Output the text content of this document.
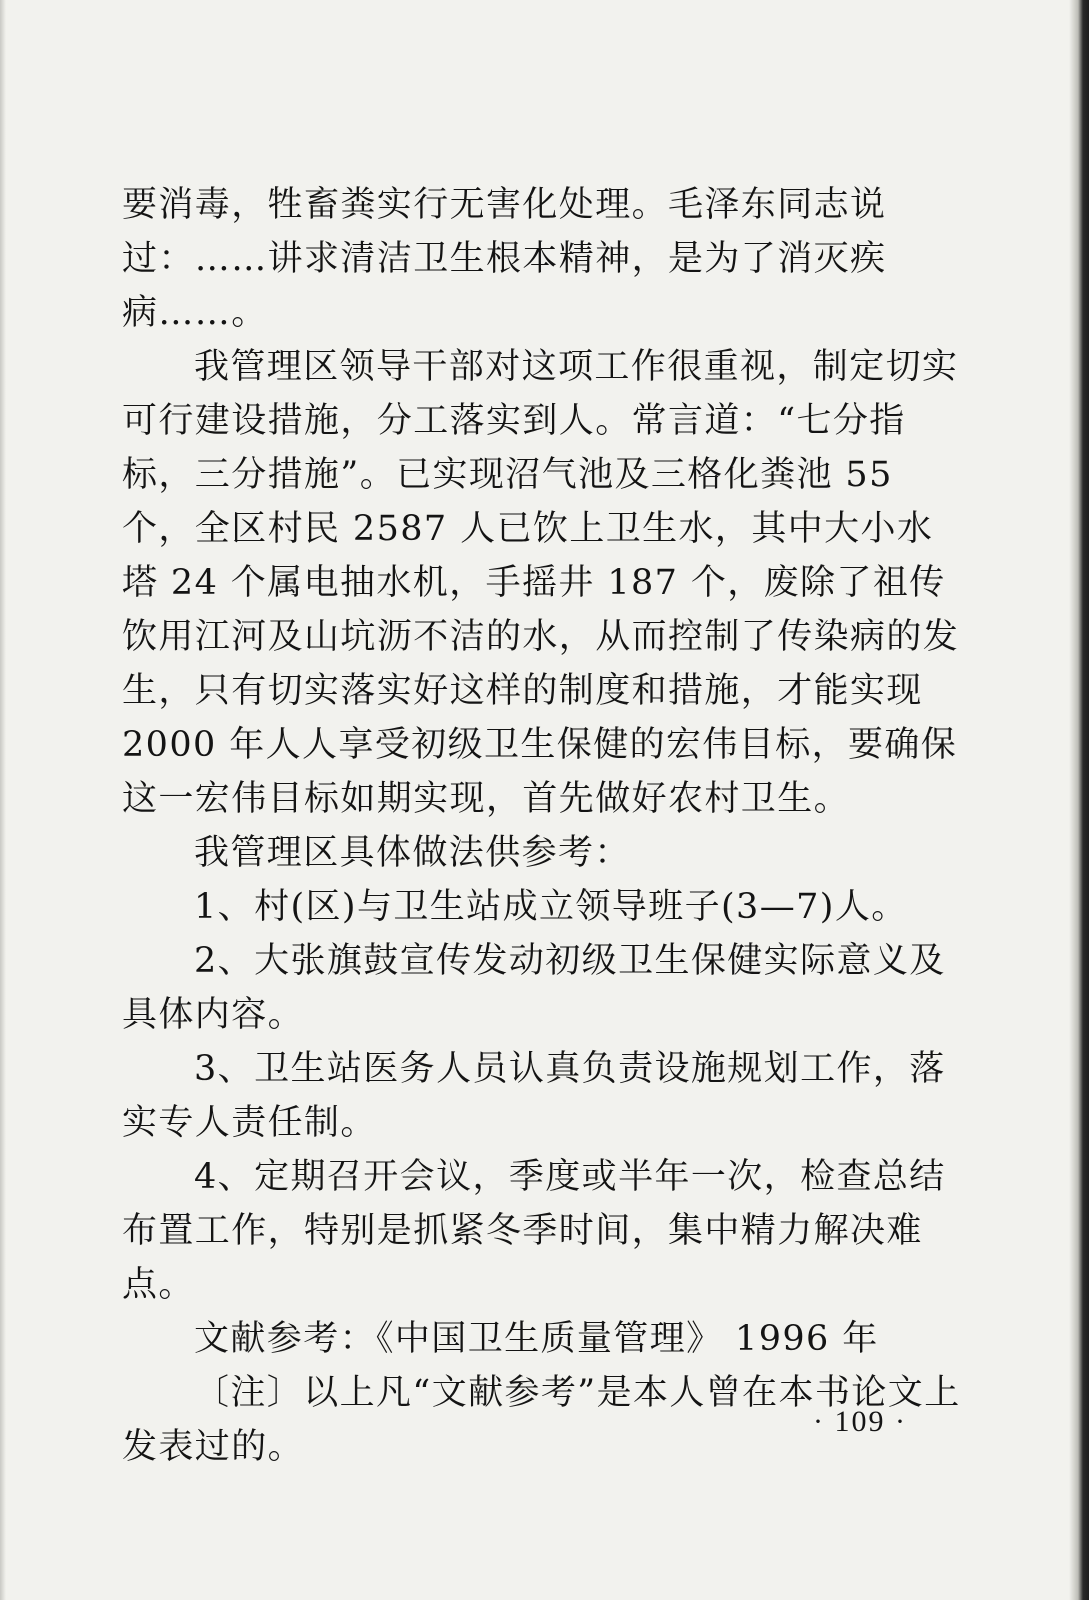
要消毒，牲畜粪实行无害化处理。毛泽东同志说过：……讲求清洁卫生根本精神，是为了消灭疾病……。

我管理区领导干部对这项工作很重视，制定切实可行建设措施，分工落实到人。常言道：“七分指标，三分措施”。已实现沼气池及三格化粪池 55 个，全区村民 2587 人已饮上卫生水，其中大小水塔 24 个属电抽水机，手摇井 187 个，废除了祖传饮用江河及山坑沥不洁的水，从而控制了传染病的发生，只有切实落实好这样的制度和措施，才能实现 2000 年人人享受初级卫生保健的宏伟目标，要确保这一宏伟目标如期实现，首先做好农村卫生。

我管理区具体做法供参考：

1、村(区)与卫生站成立领导班子(3—7)人。

2、大张旗鼓宣传发动初级卫生保健实际意义及具体内容。

3、卫生站医务人员认真负责设施规划工作，落实专人责任制。

4、定期召开会议，季度或半年一次，检查总结布置工作，特别是抓紧冬季时间，集中精力解决难点。

文献参考：《中国卫生质量管理》 1996 年

〔注〕以上凡“文献参考”是本人曾在本书论文上发表过的。

· 109 ·
